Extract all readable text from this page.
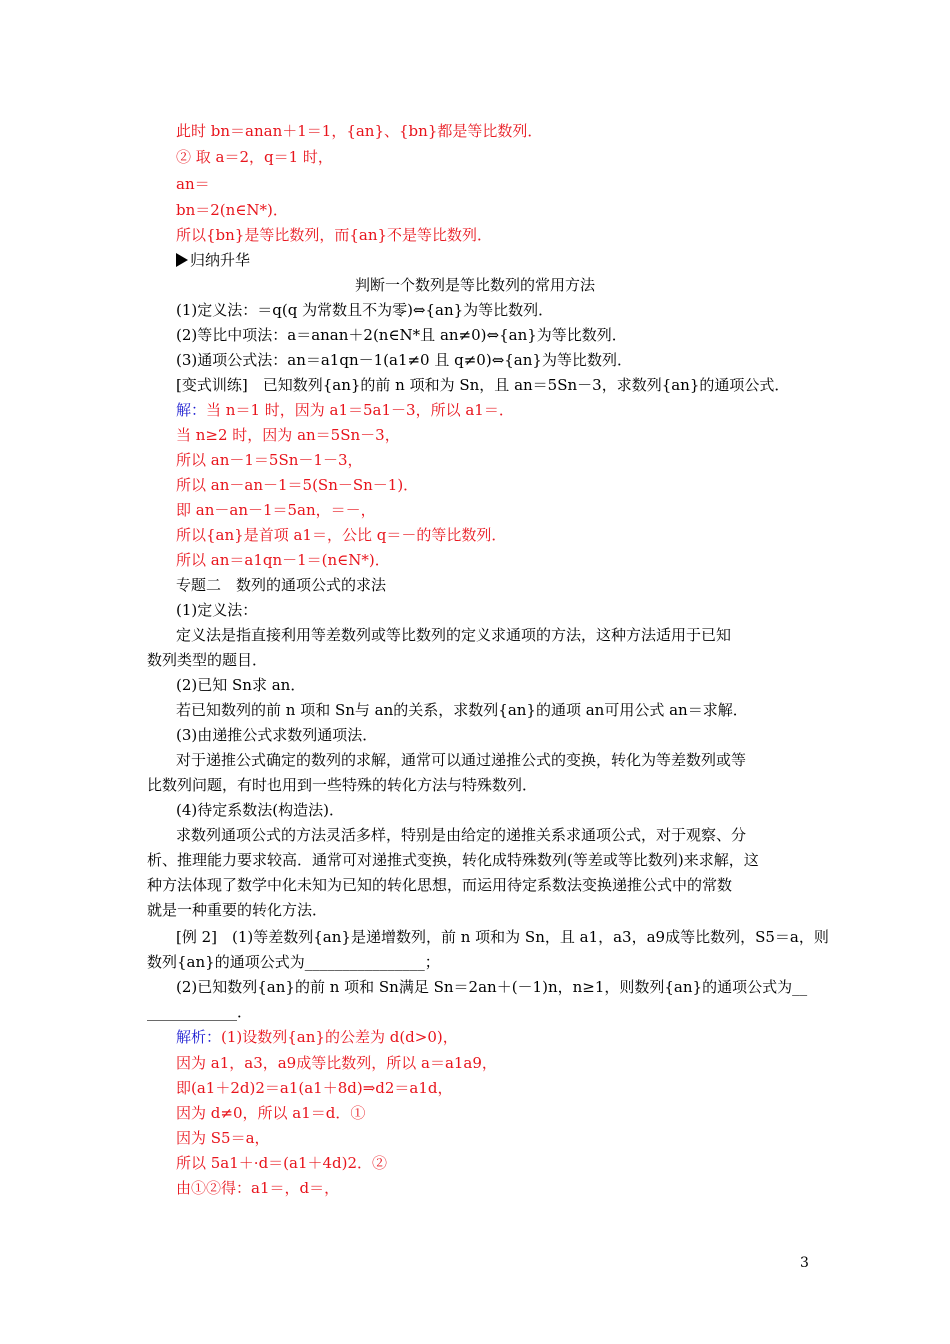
此时 bn＝anan＋1＝1，{an}、{bn}都是等比数列．
② 取 a＝2，q＝1 时，
an＝
bn＝2(n∈N*)．
所以{bn}是等比数列，而{an}不是等比数列．
归纳升华
判断一个数列是等比数列的常用方法
(1)定义法：＝q(q 为常数且不为零)⇔{an}为等比数列．
(2)等比中项法：a＝anan＋2(n∈N*且 an≠0)⇔{an}为等比数列．
(3)通项公式法：an＝a1qn－1(a1≠0 且 q≠0)⇔{an}为等比数列．
[变式训练]　已知数列{an}的前 n 项和为 Sn，且 an＝5Sn－3，求数列{an}的通项公式．
解：当 n＝1 时，因为 a1＝5a1－3，所以 a1＝．
当 n≥2 时，因为 an＝5Sn－3，
所以 an－1＝5Sn－1－3，
所以 an－an－1＝5(Sn－Sn－1)．
即 an－an－1＝5an，＝－，
所以{an}是首项 a1＝，公比 q＝－的等比数列．
所以 an＝a1qn－1＝(n∈N*)．
专题二　数列的通项公式的求法
(1)定义法：
定义法是指直接利用等差数列或等比数列的定义求通项的方法，这种方法适用于已知
数列类型的题目．
(2)已知 Sn求 an．
若已知数列的前 n 项和 Sn与 an的关系，求数列{an}的通项 an可用公式 an＝求解．
(3)由递推公式求数列通项法．
对于递推公式确定的数列的求解，通常可以通过递推公式的变换，转化为等差数列或等
比数列问题，有时也用到一些特殊的转化方法与特殊数列．
(4)待定系数法(构造法)．
求数列通项公式的方法灵活多样，特别是由给定的递推关系求通项公式，对于观察、分
析、推理能力要求较高．通常可对递推式变换，转化成特殊数列(等差或等比数列)来求解，这
种方法体现了数学中化未知为已知的转化思想，而运用待定系数法变换递推公式中的常数
就是一种重要的转化方法．
[例 2]　(1)等差数列{an}是递增数列，前 n 项和为 Sn，且 a1，a3，a9成等比数列，S5＝a，则
数列{an}的通项公式为________________；
(2)已知数列{an}的前 n 项和 Sn满足 Sn＝2an＋(－1)n，n≥1，则数列{an}的通项公式为__
____________．
解析：(1)设数列{an}的公差为 d(d>0)，
因为 a1，a3，a9成等比数列，所以 a＝a1a9，
即(a1＋2d)2＝a1(a1＋8d)⇒d2＝a1d，
因为 d≠0，所以 a1＝d．①
因为 S5＝a，
所以 5a1＋·d＝(a1＋4d)2．②
由①②得：a1＝，d＝，
3
